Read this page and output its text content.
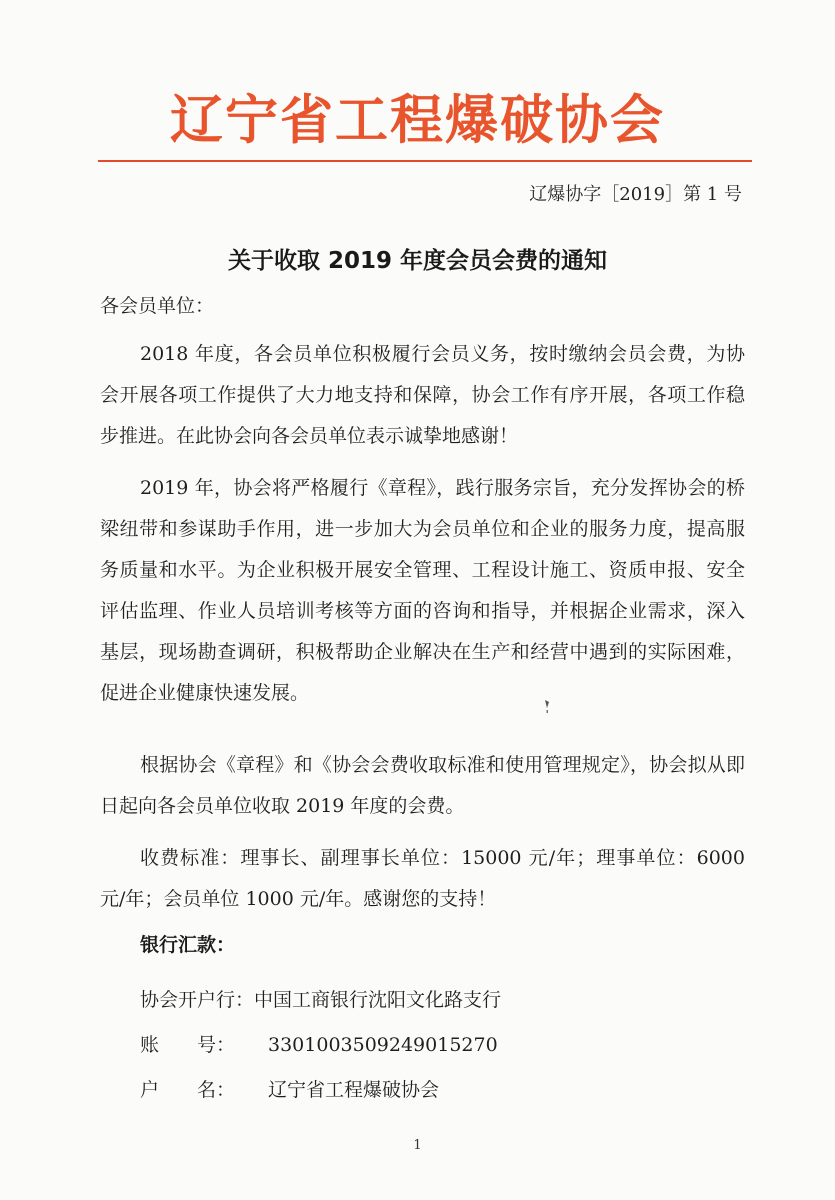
辽宁省工程爆破协会
辽爆协字［2019］第 1 号
关于收取 2019 年度会员会费的通知
各会员单位：
2018 年度，各会员单位积极履行会员义务，按时缴纳会员会费，为协会开展各项工作提供了大力地支持和保障，协会工作有序开展，各项工作稳步推进。在此协会向各会员单位表示诚挚地感谢！
2019 年，协会将严格履行《章程》，践行服务宗旨，充分发挥协会的桥梁纽带和参谋助手作用，进一步加大为会员单位和企业的服务力度，提高服务质量和水平。为企业积极开展安全管理、工程设计施工、资质申报、安全评估监理、作业人员培训考核等方面的咨询和指导，并根据企业需求，深入基层，现场勘查调研，积极帮助企业解决在生产和经营中遇到的实际困难，促进企业健康快速发展。
根据协会《章程》和《协会会费收取标准和使用管理规定》，协会拟从即日起向各会员单位收取 2019 年度的会费。
收费标准：理事长、副理事长单位：15000 元/年；理事单位：6000 元/年；会员单位 1000 元/年。感谢您的支持！
银行汇款：
协会开户行：中国工商银行沈阳文化路支行
账　　号： 3301003509249015270
户　　名： 辽宁省工程爆破协会
1
